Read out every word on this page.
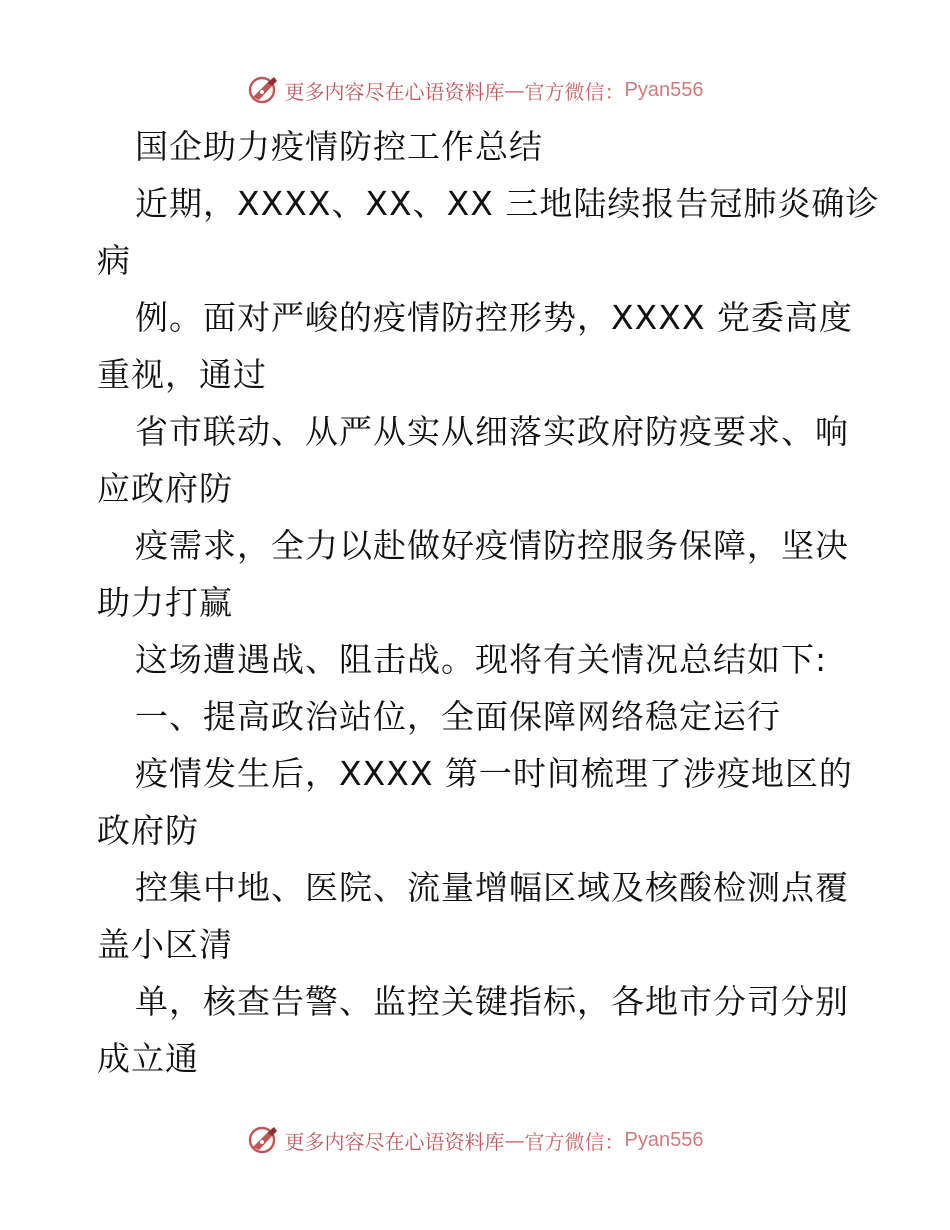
更多内容尽在心语资料库 — 官方微信： Pyan556
国企助力疫情防控工作总结
近期，XXXX、XX、XX 三地陆续报告冠肺炎确诊
病
例。面对严峻的疫情防控形势，XXXX 党委高度
重视，通过
省市联动、从严从实从细落实政府防疫要求、响
应政府防
疫需求，全力以赴做好疫情防控服务保障，坚决
助力打赢
这场遭遇战、阻击战。现将有关情况总结如下:
一、提高政治站位，全面保障网络稳定运行
疫情发生后，XXXX 第一时间梳理了涉疫地区的
政府防
控集中地、医院、流量增幅区域及核酸检测点覆
盖小区清
单，核查告警、监控关键指标，各地市分司分别
成立通
更多内容尽在心语资料库 — 官方微信： Pyan556
